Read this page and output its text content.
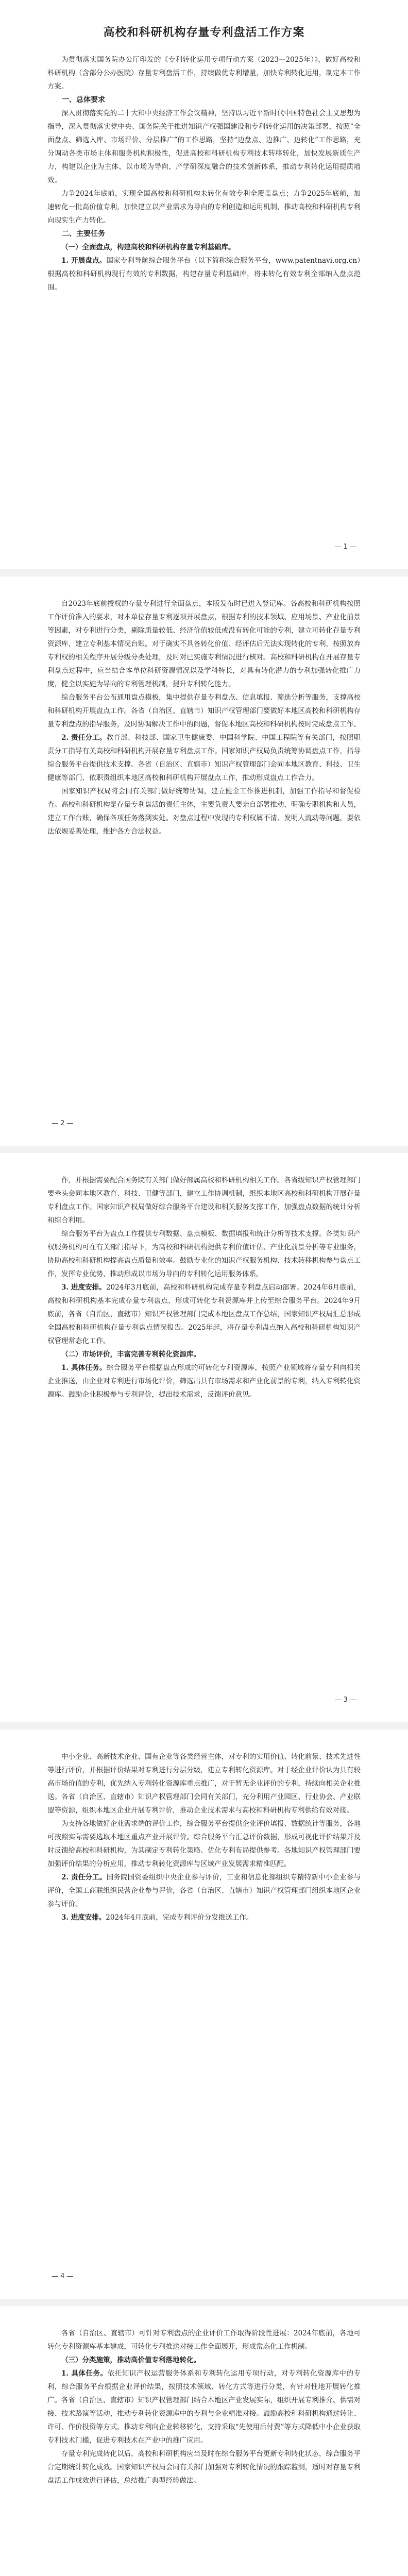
高校和科研机构存量专利盘活工作方案

为贯彻落实国务院办公厅印发的《专利转化运用专项行动方案（2023—2025年）》，做好高校和科研机构（含部分公办医院）存量专利盘活工作，持续做优专利增量，加快专利转化运用，制定本工作方案。

一、总体要求

深入贯彻落实党的二十大和中央经济工作会议精神，坚持以习近平新时代中国特色社会主义思想为指导，深入贯彻落实党中央、国务院关于推进知识产权强国建设和专利转化运用的决策部署，按照“全面盘点、筛选入库、市场评价、分层推广”的工作思路，坚持“边盘点、边推广、边转化”工作思路，充分调动各类市场主体和服务机构积极性，促进高校和科研机构专利技术转移转化，加快发展新质生产力，构建以企业为主体、以市场为导向、产学研深度融合的技术创新体系，推动专利转化运用提质增效。

力争2024年底前，实现全国高校和科研机构未转化有效专利全覆盖盘点；力争2025年底前，加速转化一批高价值专利，加快建立以产业需求为导向的专利创造和运用机制，推动高校和科研机构专利向现实生产力转化。

二、主要任务

（一）全面盘点，构建高校和科研机构存量专利基础库。

1. 开展盘点。国家专利导航综合服务平台（以下简称综合服务平台，www.patentnavi.org.cn）根据高校和科研机构现行有效的专利数据，构建存量专利基础库，将未转化有效专利全部纳入盘点范围。

— 1 —

自2023年底前授权的存量专利进行全面盘点，本版发布时已进入登记库。各高校和科研机构按照工作评价准入的要求，对本单位存量专利逐项开展盘点，根据专利的技术领域、应用场景、产业化前景等因素，对专利进行分类，剔除质量较低、经济价值较低或没有转化可能的专利，建立可转化存量专利资源库，建立专利基本情况台账。对于确实不具备转化价值、经评估后无法实现转化的专利，按照放弃专利权的相关程序开展分级分类处理，及时对已实施专利情况进行核对。高校和科研机构在开展存量专利盘点过程中，应当结合本单位科研资源情况以及学科特长，对具有转化潜力的专利加强转化推广力度，健全以实施为导向的专利管理机制，提升专利转化能力。

综合服务平台公布通用盘点模板，集中提供存量专利盘点、信息填报、筛选分析等服务，支撑高校和科研机构开展盘点工作。各省（自治区、直辖市）知识产权管理部门要做好本地区高校和科研机构存量专利盘点的指导服务，及时协调解决工作中的问题，督促本地区高校和科研机构按时完成盘点工作。

2. 责任分工。教育部、科技部、国家卫生健康委、中国科学院、中国工程院等有关部门，按照职责分工指导有关高校和科研机构开展存量专利盘点工作。国家知识产权局负责统筹协调盘点工作，指导综合服务平台提供技术支撑。各省（自治区、直辖市）知识产权管理部门会同本地区教育、科技、卫生健康等部门，依职责组织本地区高校和科研机构开展盘点工作，推动形成盘点工作合力。

国家知识产权局将会同有关部门做好统筹协调，建立健全工作推进机制，加强工作指导和督促检查。高校和科研机构是存量专利盘活的责任主体，主要负责人要亲自部署推动，明确专职机构和人员，建立工作台账，确保各项任务落到实处。对盘点过程中发现的专利权属不清、发明人流动等问题，要依法依规妥善处理，维护各方合法权益。

— 2 —

作，并根据需要配合国务院有关部门做好部属高校和科研机构相关工作。各省级知识产权管理部门要牵头会同本地区教育、科技、卫健等部门，建立工作协调机制，组织本地区高校和科研机构开展存量专利盘点工作。国家知识产权局做好综合服务平台建设和相关服务支撑工作，加强盘点数据的统计分析和综合利用。

综合服务平台为盘点工作提供专利数据、盘点模板、数据填报和统计分析等技术支撑。各类知识产权服务机构可在有关部门指导下，为高校和科研机构提供专利价值评估、产业化前景分析等专业服务，协助高校和科研机构提高盘点质量和效率。鼓励专业化的知识产权服务机构、技术转移机构参与盘点工作，发挥专业优势，推动形成以市场为导向的专利转化运用服务体系。

3. 进度安排。2024年3月底前，高校和科研机构完成存量专利盘点启动部署。2024年6月底前，高校和科研机构基本完成存量专利盘点，形成可转化专利资源库并上传至综合服务平台。2024年9月底前，各省（自治区、直辖市）知识产权管理部门完成本地区盘点工作总结，国家知识产权局汇总形成全国高校和科研机构存量专利盘点情况报告。2025年起，将存量专利盘点纳入高校和科研机构知识产权管理常态化工作。

（二）市场评价，丰富完善专利转化资源库。

1. 具体任务。综合服务平台根据盘点形成的可转化专利资源库，按照产业领域将存量专利向相关企业推送，由企业对专利进行市场化评价，筛选出具有市场需求和产业化前景的专利，纳入专利转化资源库。鼓励企业积极参与专利评价，提出技术需求，反馈评价意见。

— 3 —

中小企业、高新技术企业、国有企业等各类经营主体，对专利的实用价值、转化前景、技术先进性等进行评价，并根据评价结果对专利进行分层分级，建立专利转化资源库。对于经企业评价认为具有较高市场价值的专利，优先纳入专利转化资源库重点推广，对于暂无企业评价的专利，持续向相关企业推送。各省（自治区、直辖市）知识产权管理部门会同有关部门，充分利用产业园区、行业协会、产业联盟等资源，组织本地区企业开展专利评价，推动企业技术需求与高校和科研机构专利供给有效对接。

为支持各地做好企业需求端的评价工作，综合服务平台提供企业评价填报、数据统计等服务，各地可按照实际需要选取本地区重点产业开展评价。综合服务平台汇总评价数据，形成可视化评价结果并及时反馈给高校和科研机构，为其制定专利转化策略、优化专利布局提供参考。各地知识产权管理部门要加强评价结果的分析应用，推动专利转化资源库与区域产业发展需求精准匹配。

2. 责任分工。国务院国资委组织中央企业参与评价，工业和信息化部组织专精特新中小企业参与评价，全国工商联组织民营企业参与评价，各省（自治区、直辖市）知识产权管理部门组织本地区企业参与评价。

3. 进度安排。2024年4月底前，完成专利评价分发推送工作。

— 4 —

各省（自治区、直辖市）可针对专利盘点的企业评价工作取得阶段性进展：2024年底前，各地可转化专利资源库基本建成，可转化专利推送对接工作全面展开，形成常态化工作机制。

（三）分类施策，推动高价值专利落地转化。

1. 具体任务。依托知识产权运营服务体系和专利转化运用专项行动，对专利转化资源库中的专利，综合服务平台根据企业评价结果，按照技术领域、转化方式等进行分类，有针对性地开展转化推广。各省（自治区、直辖市）知识产权管理部门结合本地区产业发展实际，组织开展专利推介、供需对接、技术路演等活动，推动专利转化资源库中的专利与企业精准对接。鼓励高校和科研机构通过转让、许可、作价投资等方式，推动专利向企业转移转化，支持采取“先使用后付费”等方式降低中小企业获取专利技术门槛，促进专利技术在产业中的推广应用。

存量专利完成转化以后，高校和科研机构应当及时在综合服务平台更新专利转化状态，综合服务平台定期统计转化成效。国家知识产权局会同有关部门加强对专利转化情况的跟踪监测，适时对存量专利盘活工作成效进行评估，总结推广典型经验做法。
